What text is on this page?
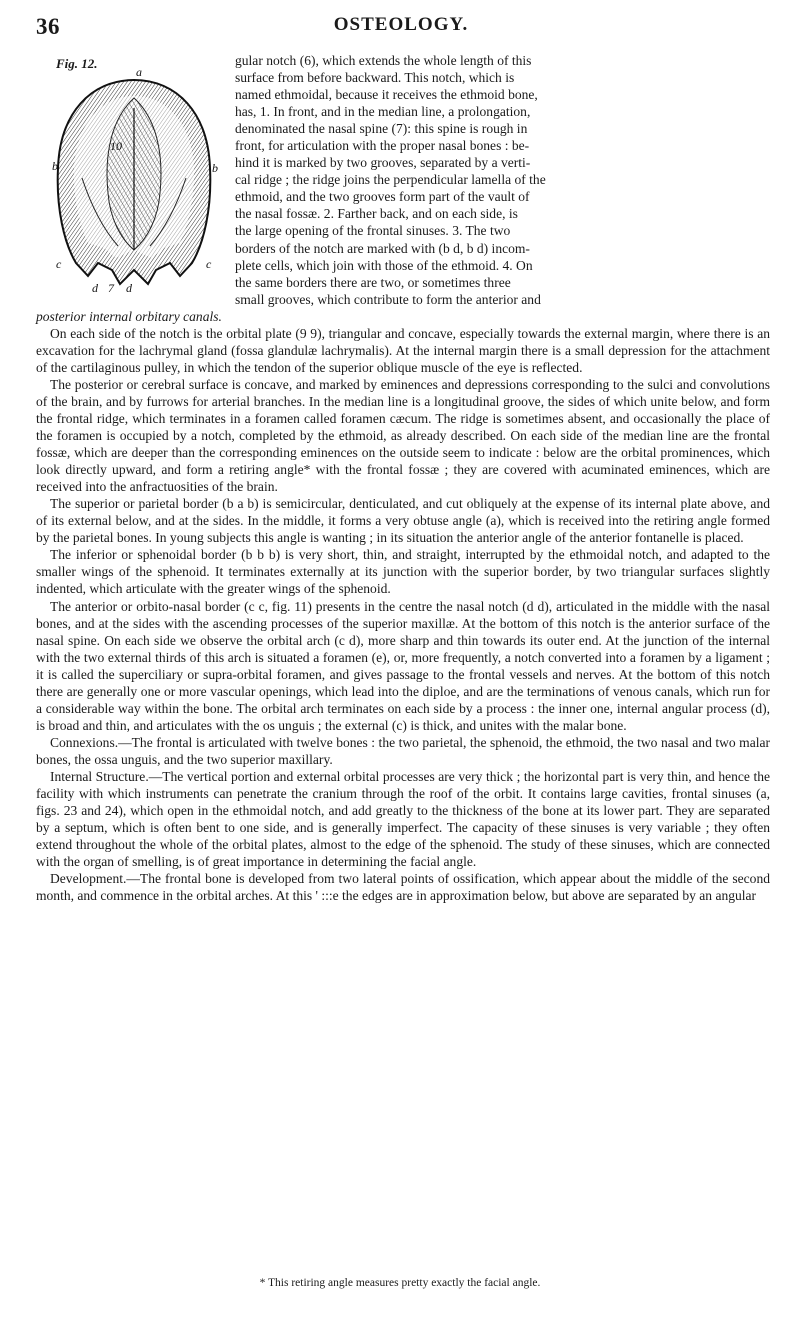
36	OSTEOLOGY.
Fig. 12.
a
10
b	b
c	c
d 7 d
gular notch (6), which extends the whole length of this
surface from before backward. This notch, which is
named ethmoidal, because it receives the ethmoid bone,
has, 1. In front, and in the median line, a prolongation,
denominated the nasal spine (7): this spine is rough in
front, for articulation with the proper nasal bones : be-
hind it is marked by two grooves, separated by a verti-
cal ridge ; the ridge joins the perpendicular lamella of the
ethmoid, and the two grooves form part of the vault of
the nasal fossæ. 2. Farther back, and on each side, is
the large opening of the frontal sinuses. 3. The two
borders of the notch are marked with (b d, b d) incom-
plete cells, which join with those of the ethmoid. 4. On
the same borders there are two, or sometimes three
small grooves, which contribute to form the anterior and

posterior internal orbitary canals.

On each side of the notch is the orbital plate (9 9), triangular and concave, especially towards the external margin, where there is an excavation for the lachrymal gland (fossa glandulæ lachrymalis). At the internal margin there is a small depression for the attachment of the cartilaginous pulley, in which the tendon of the superior oblique muscle of the eye is reflected.

The posterior or cerebral surface is concave, and marked by eminences and depressions corresponding to the sulci and convolutions of the brain, and by furrows for arterial branches. In the median line is a longitudinal groove, the sides of which unite below, and form the frontal ridge, which terminates in a foramen called foramen cæcum. The ridge is sometimes absent, and occasionally the place of the foramen is occupied by a notch, completed by the ethmoid, as already described. On each side of the median line are the frontal fossæ, which are deeper than the corresponding eminences on the outside seem to indicate : below are the orbital prominences, which look directly upward, and form a retiring angle* with the frontal fossæ ; they are covered with acuminated eminences, which are received into the anfractuosities of the brain.

The superior or parietal border (b a b) is semicircular, denticulated, and cut obliquely at the expense of its internal plate above, and of its external below, and at the sides. In the middle, it forms a very obtuse angle (a), which is received into the retiring angle formed by the parietal bones. In young subjects this angle is wanting ; in its situation the anterior angle of the anterior fontanelle is placed.

The inferior or sphenoidal border (b b b) is very short, thin, and straight, interrupted by the ethmoidal notch, and adapted to the smaller wings of the sphenoid. It terminates externally at its junction with the superior border, by two triangular surfaces slightly indented, which articulate with the greater wings of the sphenoid.

The anterior or orbito-nasal border (c c, fig. 11) presents in the centre the nasal notch (d d), articulated in the middle with the nasal bones, and at the sides with the ascending processes of the superior maxillæ. At the bottom of this notch is the anterior surface of the nasal spine. On each side we observe the orbital arch (c d), more sharp and thin towards its outer end. At the junction of the internal with the two external thirds of this arch is situated a foramen (e), or, more frequently, a notch converted into a foramen by a ligament ; it is called the superciliary or supra-orbital foramen, and gives passage to the frontal vessels and nerves. At the bottom of this notch there are generally one or more vascular openings, which lead into the diploe, and are the terminations of venous canals, which run for a considerable way within the bone. The orbital arch terminates on each side by a process : the inner one, internal angular process (d), is broad and thin, and articulates with the os unguis ; the external (c) is thick, and unites with the malar bone.

Connexions.—The frontal is articulated with twelve bones : the two parietal, the sphenoid, the ethmoid, the two nasal and two malar bones, the ossa unguis, and the two superior maxillary.

Internal Structure.—The vertical portion and external orbital processes are very thick ; the horizontal part is very thin, and hence the facility with which instruments can penetrate the cranium through the roof of the orbit. It contains large cavities, frontal sinuses (a, figs. 23 and 24), which open in the ethmoidal notch, and add greatly to the thickness of the bone at its lower part. They are separated by a septum, which is often bent to one side, and is generally imperfect. The capacity of these sinuses is very variable ; they often extend throughout the whole of the orbital plates, almost to the edge of the sphenoid. The study of these sinuses, which are connected with the organ of smelling, is of great importance in determining the facial angle.

Development.—The frontal bone is developed from two lateral points of ossification, which appear about the middle of the second month, and commence in the orbital arches. At this ' :::e the edges are in approximation below, but above are separated by an angular

* This retiring angle measures pretty exactly the facial angle.
